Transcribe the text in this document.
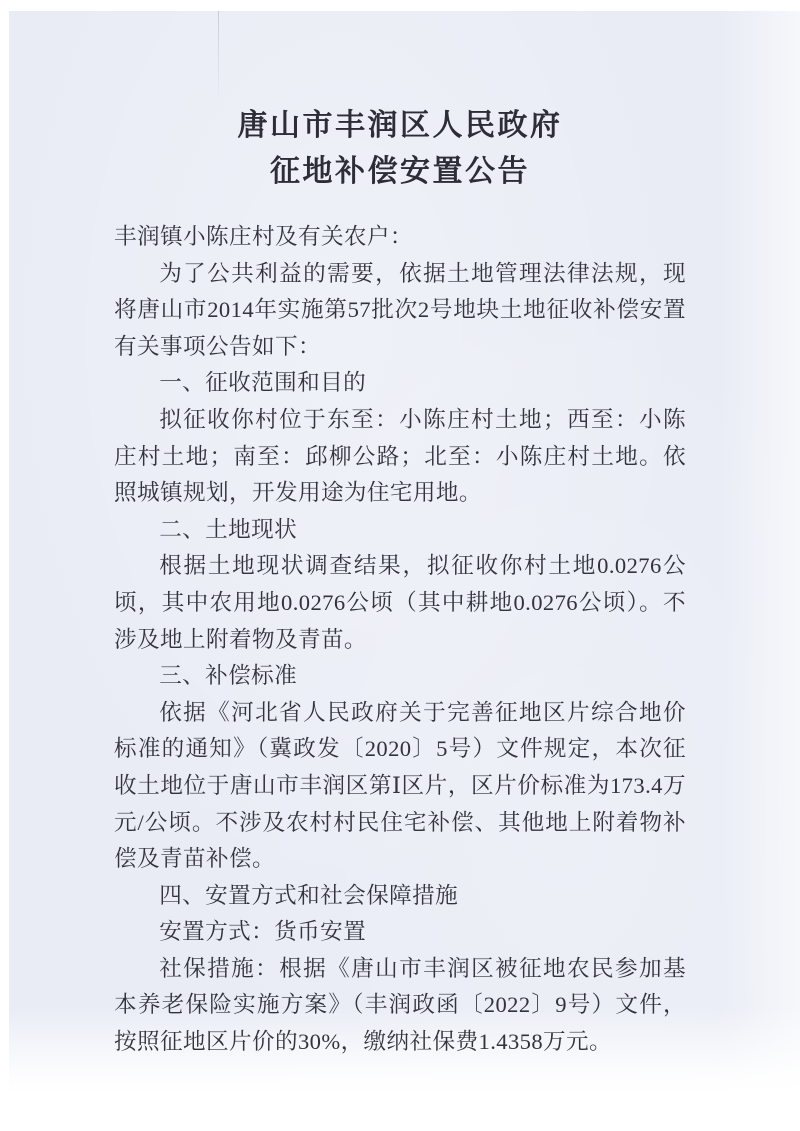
唐山市丰润区人民政府
征地补偿安置公告
丰润镇小陈庄村及有关农户：
为了公共利益的需要，依据土地管理法律法规，现将唐山市2014年实施第57批次2号地块土地征收补偿安置有关事项公告如下：
一、征收范围和目的
拟征收你村位于东至：小陈庄村土地；西至：小陈庄村土地；南至：邱柳公路；北至：小陈庄村土地。依照城镇规划，开发用途为住宅用地。
二、土地现状
根据土地现状调查结果，拟征收你村土地0.0276公顷，其中农用地0.0276公顷（其中耕地0.0276公顷）。不涉及地上附着物及青苗。
三、补偿标准
依据《河北省人民政府关于完善征地区片综合地价标准的通知》（冀政发〔2020〕5号）文件规定，本次征收土地位于唐山市丰润区第Ⅰ区片，区片价标准为173.4万元/公顷。不涉及农村村民住宅补偿、其他地上附着物补偿及青苗补偿。
四、安置方式和社会保障措施
安置方式：货币安置
社保措施：根据《唐山市丰润区被征地农民参加基本养老保险实施方案》（丰润政函〔2022〕9号）文件，按照征地区片价的30%，缴纳社保费1.4358万元。
